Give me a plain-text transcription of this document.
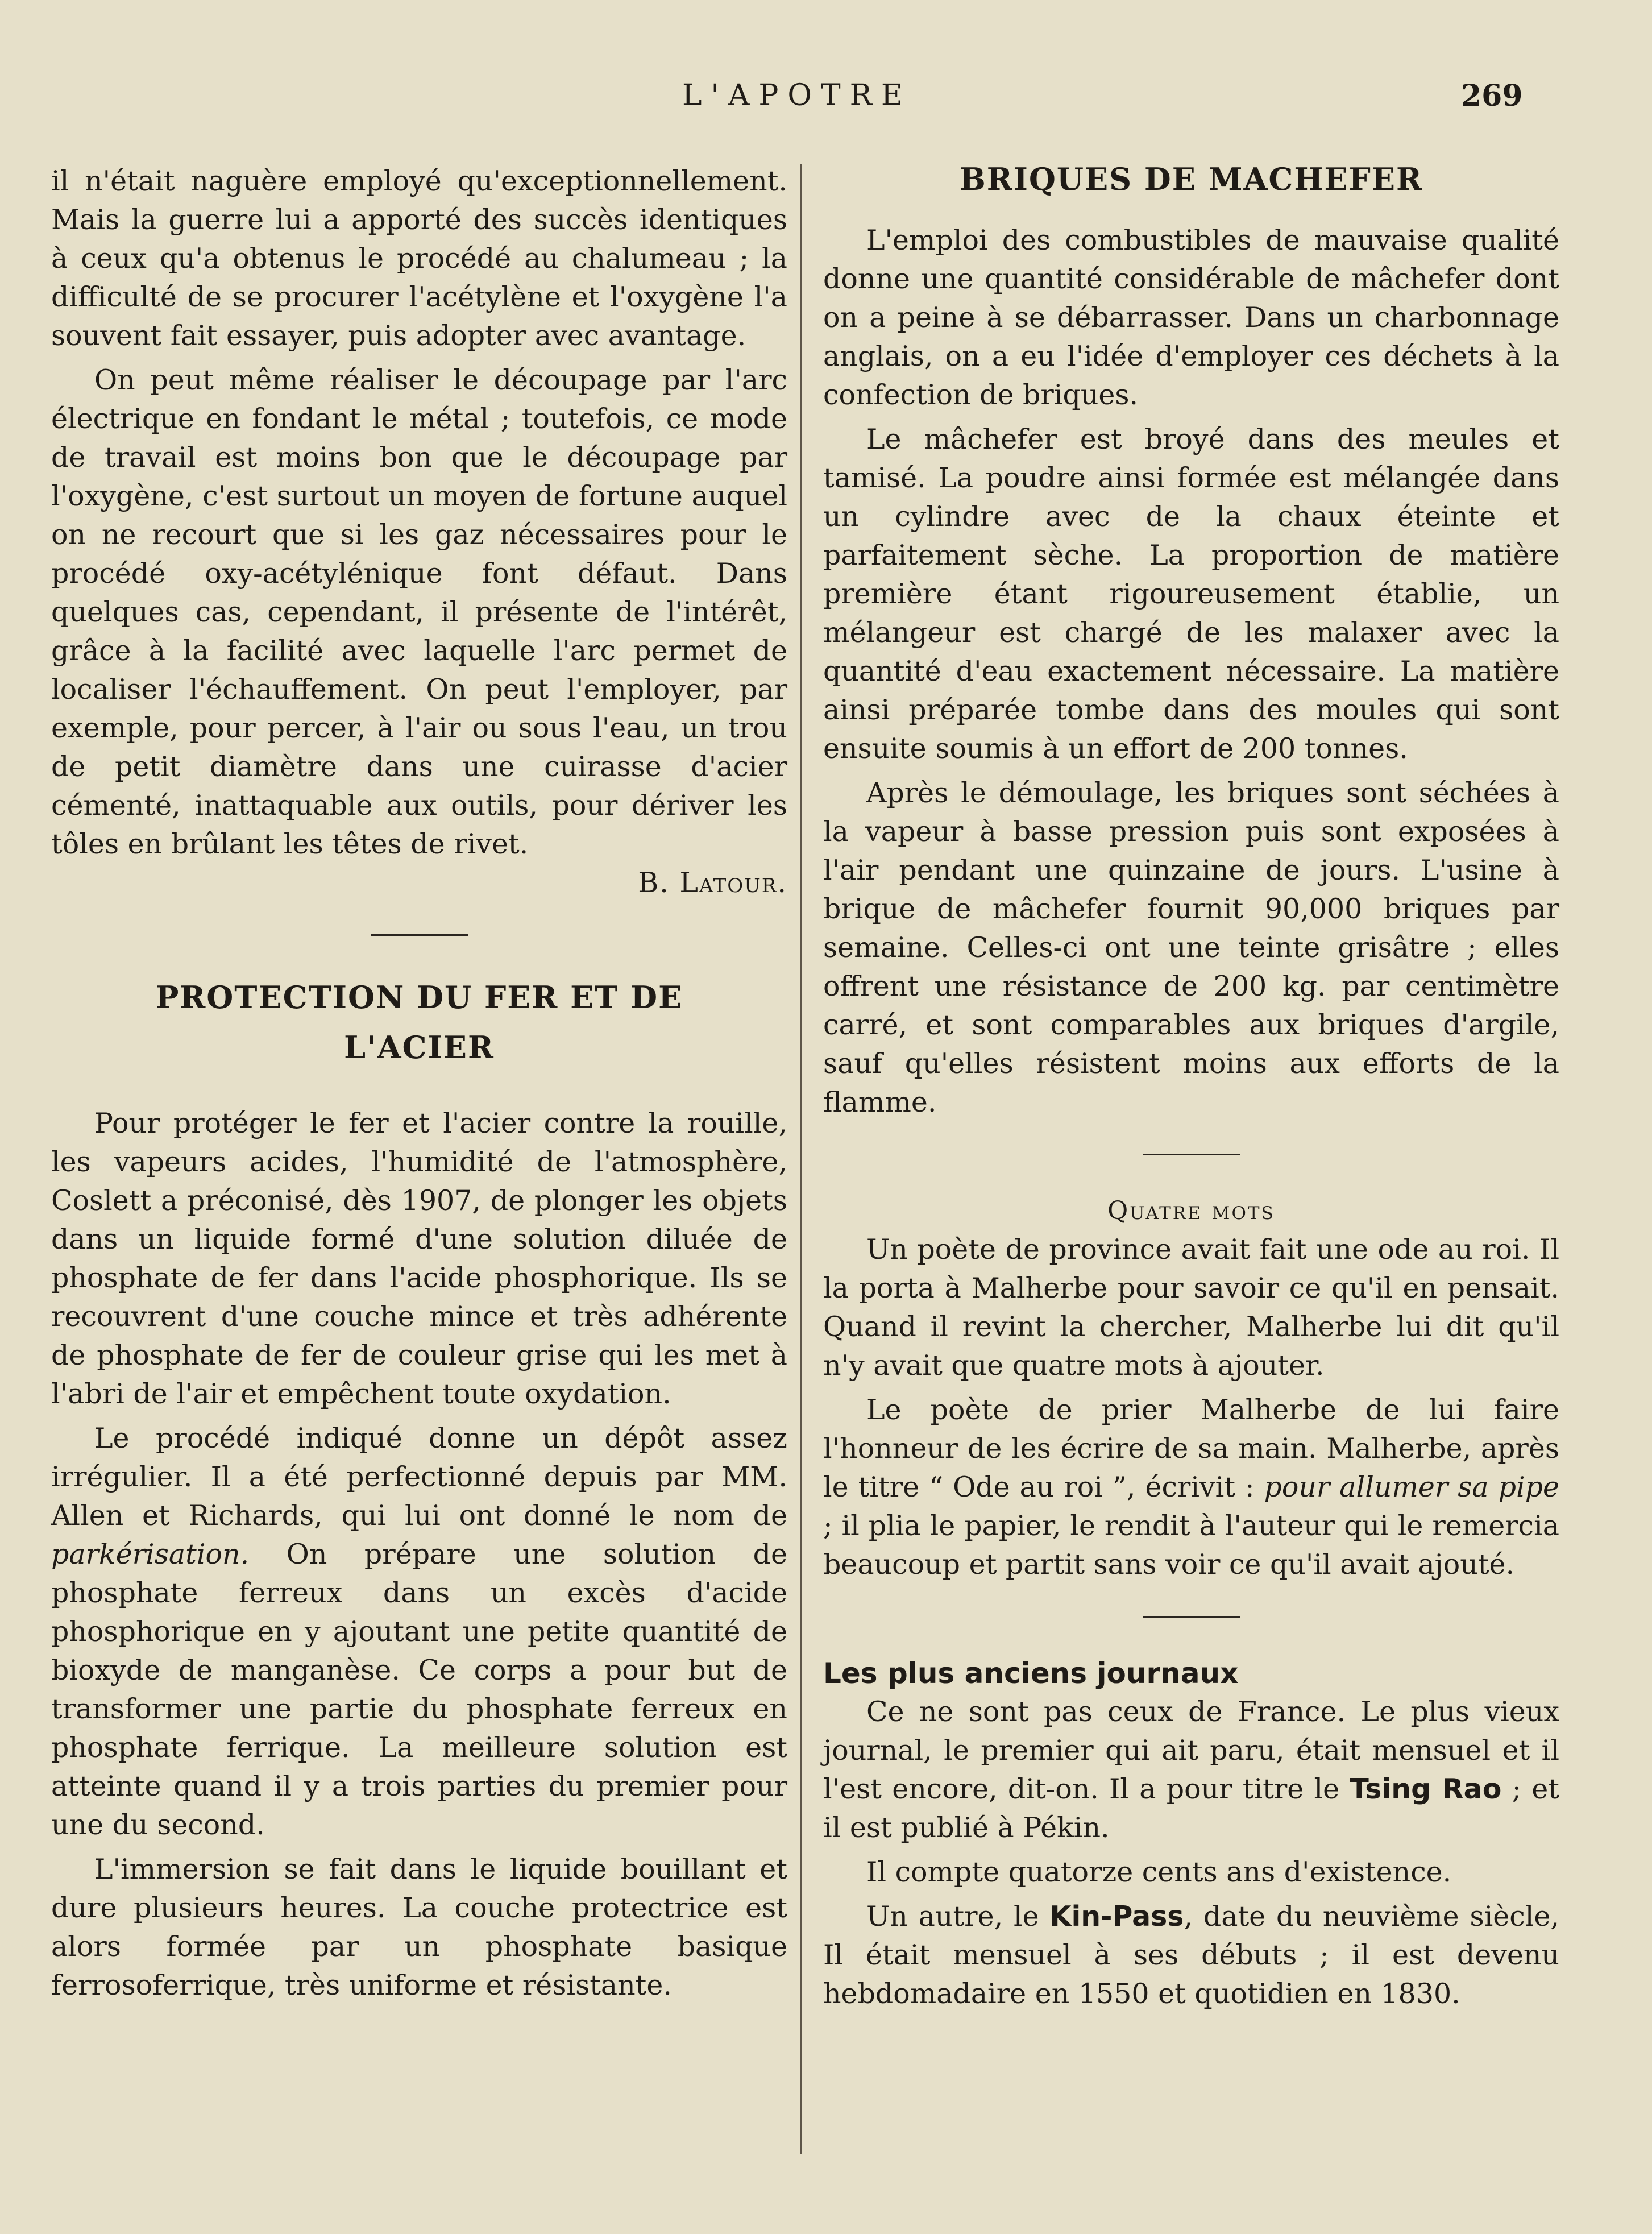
L'APOTRE	269

il n'était naguère employé qu'exceptionnellement. Mais la guerre lui a apporté des succès identiques à ceux qu'a obtenus le procédé au chalumeau ; la difficulté de se procurer l'acétylène et l'oxygène l'a souvent fait essayer, puis adopter avec avantage.

On peut même réaliser le découpage par l'arc électrique en fondant le métal ; toutefois, ce mode de travail est moins bon que le découpage par l'oxygène, c'est surtout un moyen de fortune auquel on ne recourt que si les gaz nécessaires pour le procédé oxy-acétylénique font défaut. Dans quelques cas, cependant, il présente de l'intérêt, grâce à la facilité avec laquelle l'arc permet de localiser l'échauffement. On peut l'employer, par exemple, pour percer, à l'air ou sous l'eau, un trou de petit diamètre dans une cuirasse d'acier cémenté, inattaquable aux outils, pour dériver les tôles en brûlant les têtes de rivet.

B. Latour.

PROTECTION DU FER ET DE

L'ACIER

Pour protéger le fer et l'acier contre la rouille, les vapeurs acides, l'humidité de l'atmosphère, Coslett a préconisé, dès 1907, de plonger les objets dans un liquide formé d'une solution diluée de phosphate de fer dans l'acide phosphorique. Ils se recouvrent d'une couche mince et très adhérente de phosphate de fer de couleur grise qui les met à l'abri de l'air et empêchent toute oxydation.

Le procédé indiqué donne un dépôt assez irrégulier. Il a été perfectionné depuis par MM. Allen et Richards, qui lui ont donné le nom de parkérisation. On prépare une solution de phosphate ferreux dans un excès d'acide phosphorique en y ajoutant une petite quantité de bioxyde de manganèse. Ce corps a pour but de transformer une partie du phosphate ferreux en phosphate ferrique. La meilleure solution est atteinte quand il y a trois parties du premier pour une du second.

L'immersion se fait dans le liquide bouillant et dure plusieurs heures. La couche protectrice est alors formée par un phosphate basique ferrosoferrique, très uniforme et résistante.

BRIQUES DE MACHEFER

L'emploi des combustibles de mauvaise qualité donne une quantité considérable de mâchefer dont on a peine à se débarrasser. Dans un charbonnage anglais, on a eu l'idée d'employer ces déchets à la confection de briques.

Le mâchefer est broyé dans des meules et tamisé. La poudre ainsi formée est mélangée dans un cylindre avec de la chaux éteinte et parfaitement sèche. La proportion de matière première étant rigoureusement établie, un mélangeur est chargé de les malaxer avec la quantité d'eau exactement nécessaire. La matière ainsi préparée tombe dans des moules qui sont ensuite soumis à un effort de 200 tonnes.

Après le démoulage, les briques sont séchées à la vapeur à basse pression puis sont exposées à l'air pendant une quinzaine de jours. L'usine à brique de mâchefer fournit 90,000 briques par semaine. Celles-ci ont une teinte grisâtre ; elles offrent une résistance de 200 kg. par centimètre carré, et sont comparables aux briques d'argile, sauf qu'elles résistent moins aux efforts de la flamme.

Quatre mots

Un poète de province avait fait une ode au roi. Il la porta à Malherbe pour savoir ce qu'il en pensait. Quand il revint la chercher, Malherbe lui dit qu'il n'y avait que quatre mots à ajouter.

Le poète de prier Malherbe de lui faire l'honneur de les écrire de sa main. Malherbe, après le titre “ Ode au roi ”, écrivit : pour allumer sa pipe ; il plia le papier, le rendit à l'auteur qui le remercia beaucoup et partit sans voir ce qu'il avait ajouté.

Les plus anciens journaux

Ce ne sont pas ceux de France. Le plus vieux journal, le premier qui ait paru, était mensuel et il l'est encore, dit-on. Il a pour titre le Tsing Rao ; et il est publié à Pékin.

Il compte quatorze cents ans d'existence.

Un autre, le Kin-Pass, date du neuvième siècle, Il était mensuel à ses débuts ; il est devenu hebdomadaire en 1550 et quotidien en 1830.
